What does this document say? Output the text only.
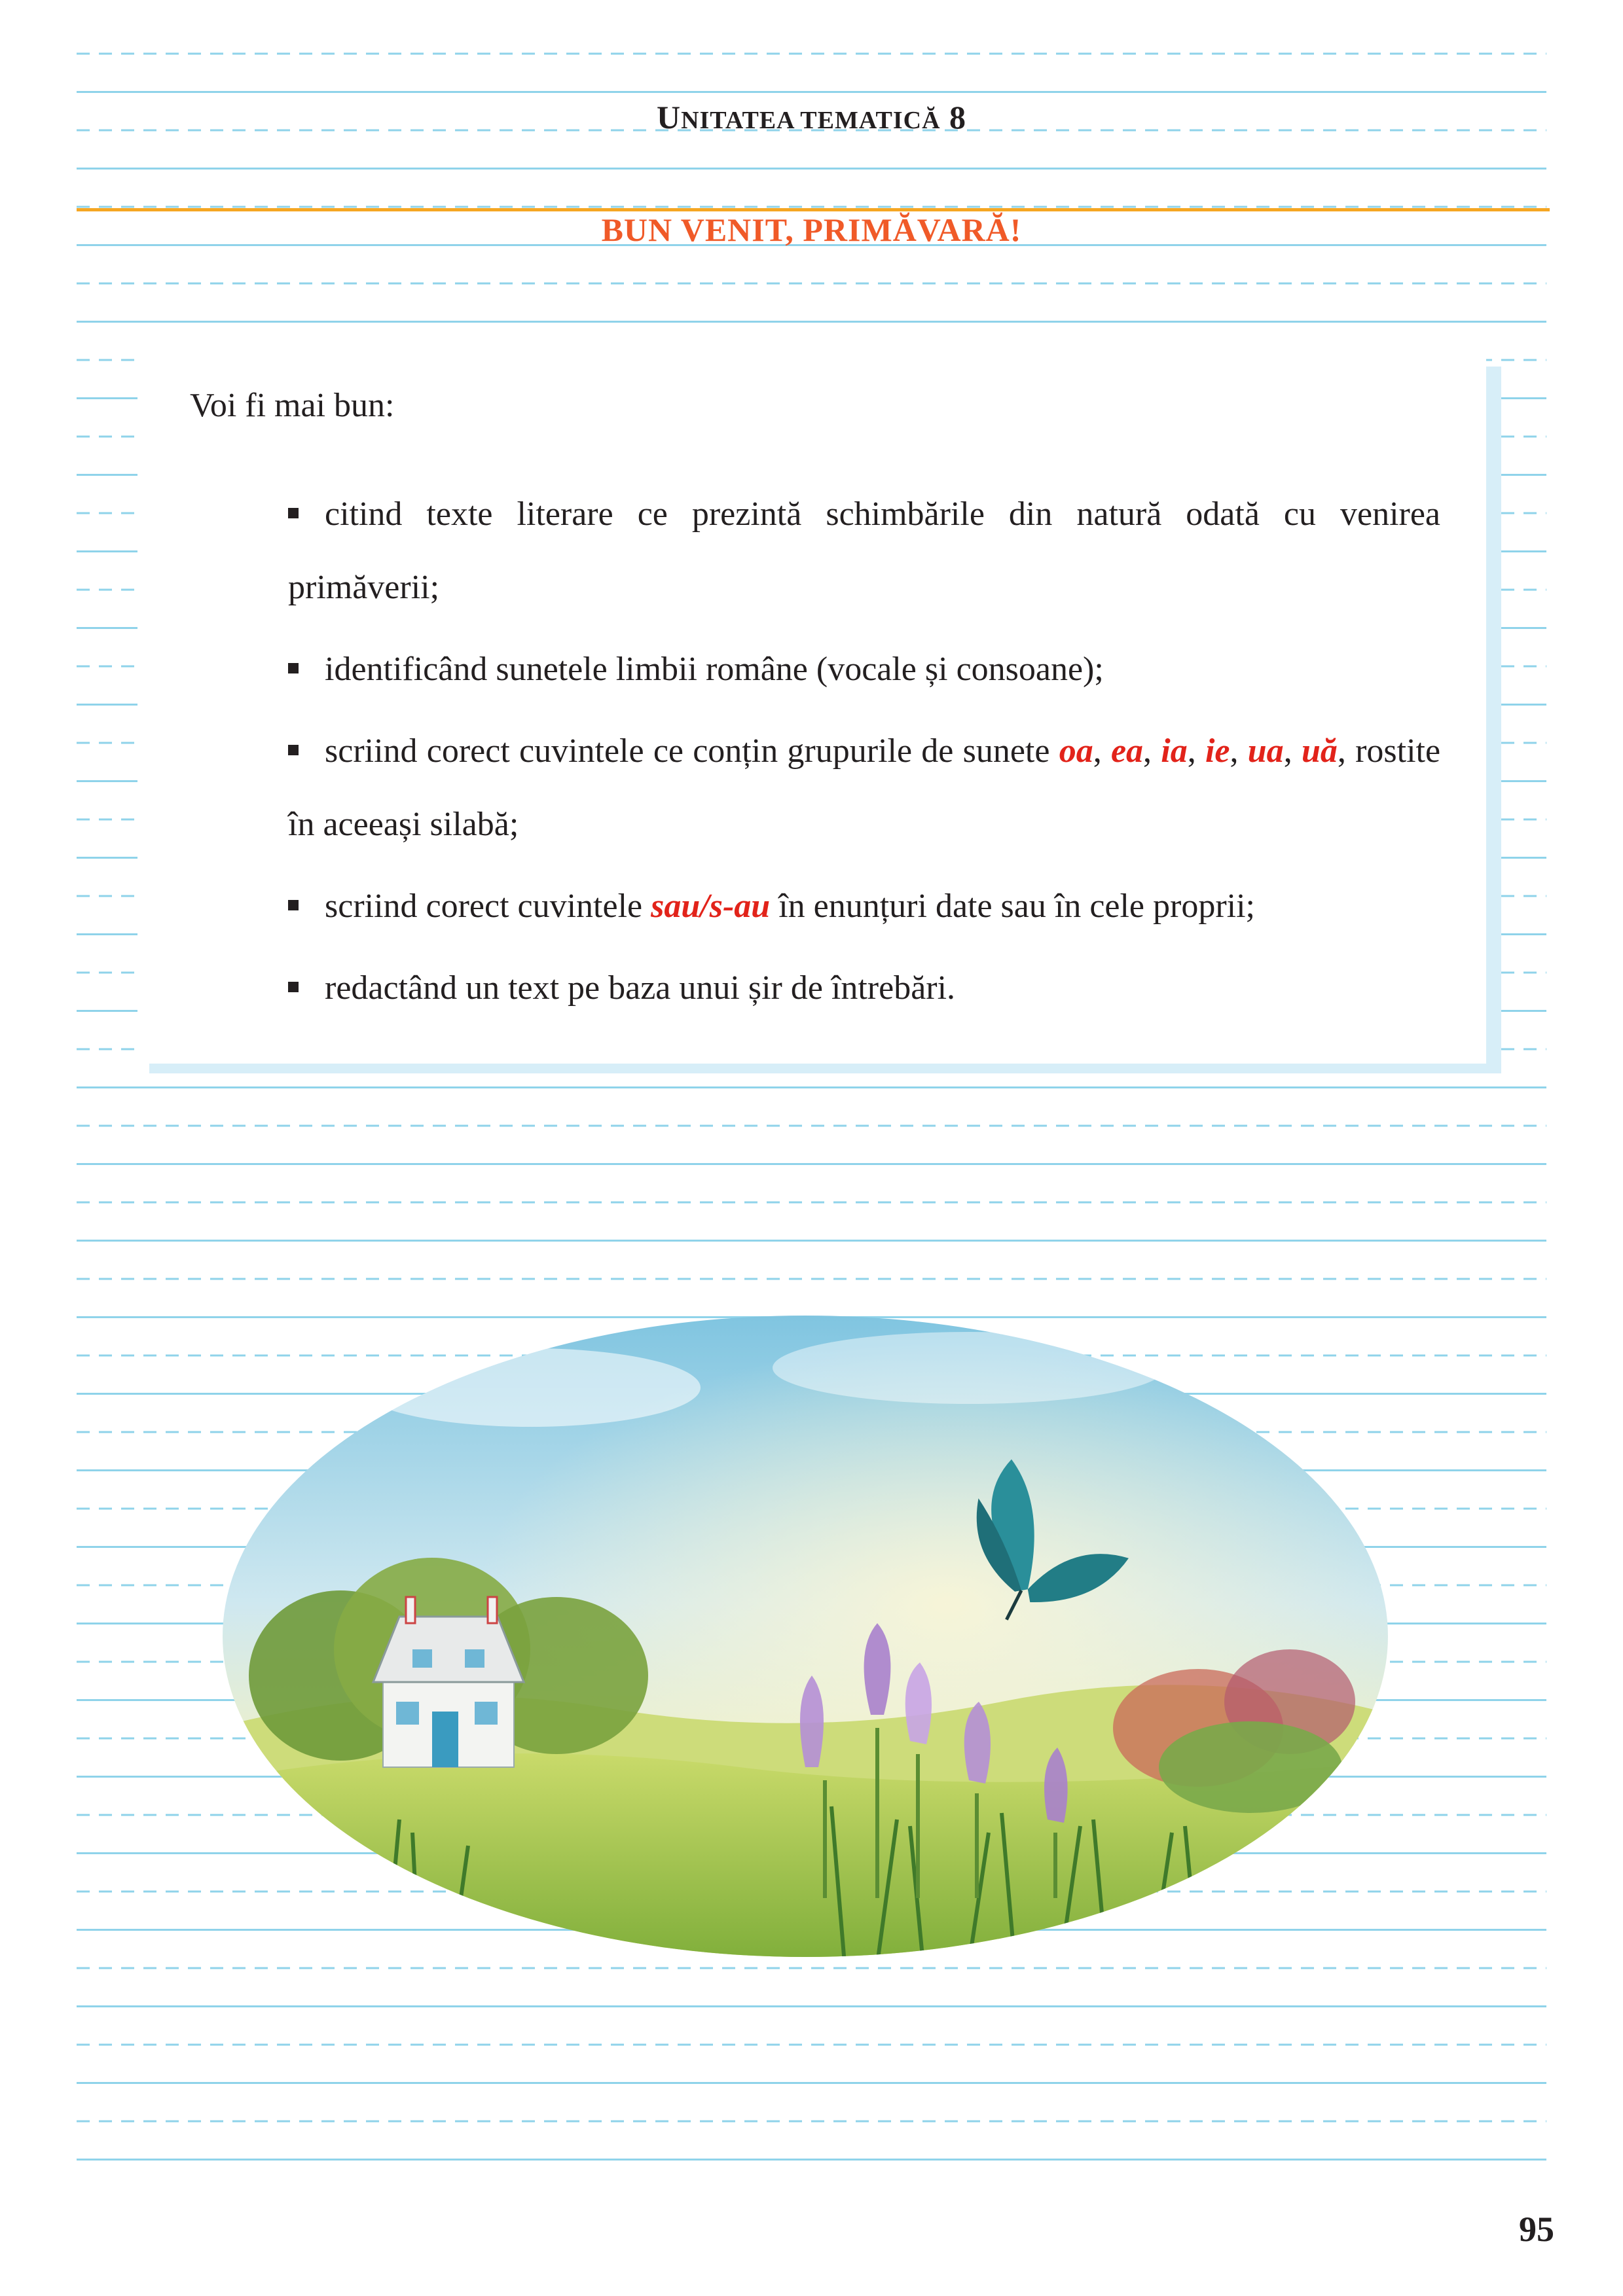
UNITATEA TEMATICĂ 8
BUN VENIT, PRIMĂVARĂ!
Voi fi mai bun:
citind texte literare ce prezintă schimbările din natură odată cu venirea primăverii;
identificând sunetele limbii române (vocale și consoane);
scriind corect cuvintele ce conțin grupurile de sunete oa, ea, ia, ie, ua, uă, rostite în aceeași silabă;
scriind corect cuvintele sau/s-au în enunțuri date sau în cele proprii;
redactând un text pe baza unui șir de întrebări.
95
